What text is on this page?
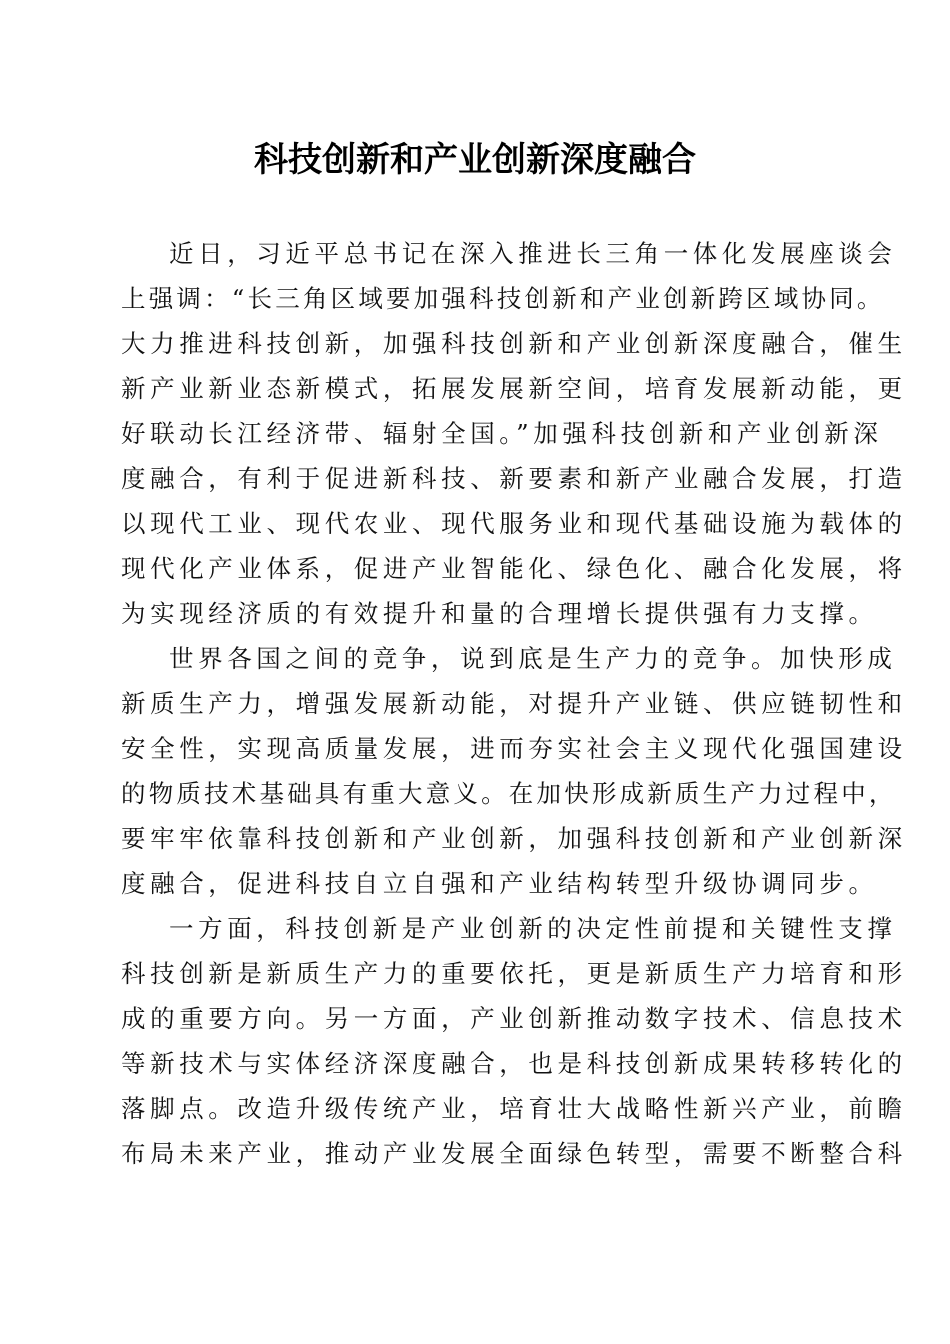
科技创新和产业创新深度融合
近日，习近平总书记在深入推进长三角一体化发展座谈会
上强调：“长三角区域要加强科技创新和产业创新跨区域协同。
大力推进科技创新，加强科技创新和产业创新深度融合，催生
新产业新业态新模式，拓展发展新空间，培育发展新动能，更
好联动长江经济带、辐射全国。”加强科技创新和产业创新深
度融合，有利于促进新科技、新要素和新产业融合发展，打造
以现代工业、现代农业、现代服务业和现代基础设施为载体的
现代化产业体系，促进产业智能化、绿色化、融合化发展，将
为实现经济质的有效提升和量的合理增长提供强有力支撑。
世界各国之间的竞争，说到底是生产力的竞争。加快形成
新质生产力，增强发展新动能，对提升产业链、供应链韧性和
安全性，实现高质量发展，进而夯实社会主义现代化强国建设
的物质技术基础具有重大意义。在加快形成新质生产力过程中，
要牢牢依靠科技创新和产业创新，加强科技创新和产业创新深
度融合，促进科技自立自强和产业结构转型升级协调同步。
一方面，科技创新是产业创新的决定性前提和关键性支撑
科技创新是新质生产力的重要依托，更是新质生产力培育和形
成的重要方向。另一方面，产业创新推动数字技术、信息技术
等新技术与实体经济深度融合，也是科技创新成果转移转化的
落脚点。改造升级传统产业，培育壮大战略性新兴产业，前瞻
布局未来产业，推动产业发展全面绿色转型，需要不断整合科
